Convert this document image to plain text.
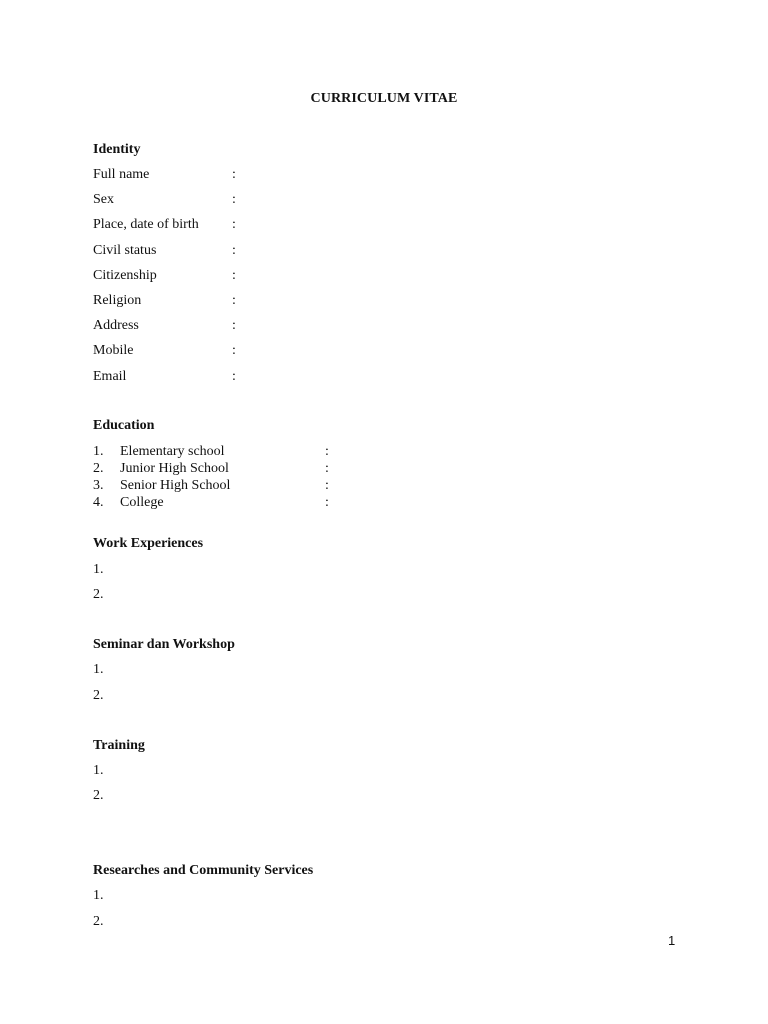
CURRICULUM VITAE
Identity
Full name	:
Sex	:
Place, date of birth :
Civil status	:
Citizenship	:
Religion	:
Address	:
Mobile	:
Email	:
Education
1. Elementary school	:
2. Junior High School	:
3. Senior High School	:
4. College	:
Work Experiences
1.
2.
Seminar dan Workshop
1.
2.
Training
1.
2.
Researches and Community Services
1.
2.
1
